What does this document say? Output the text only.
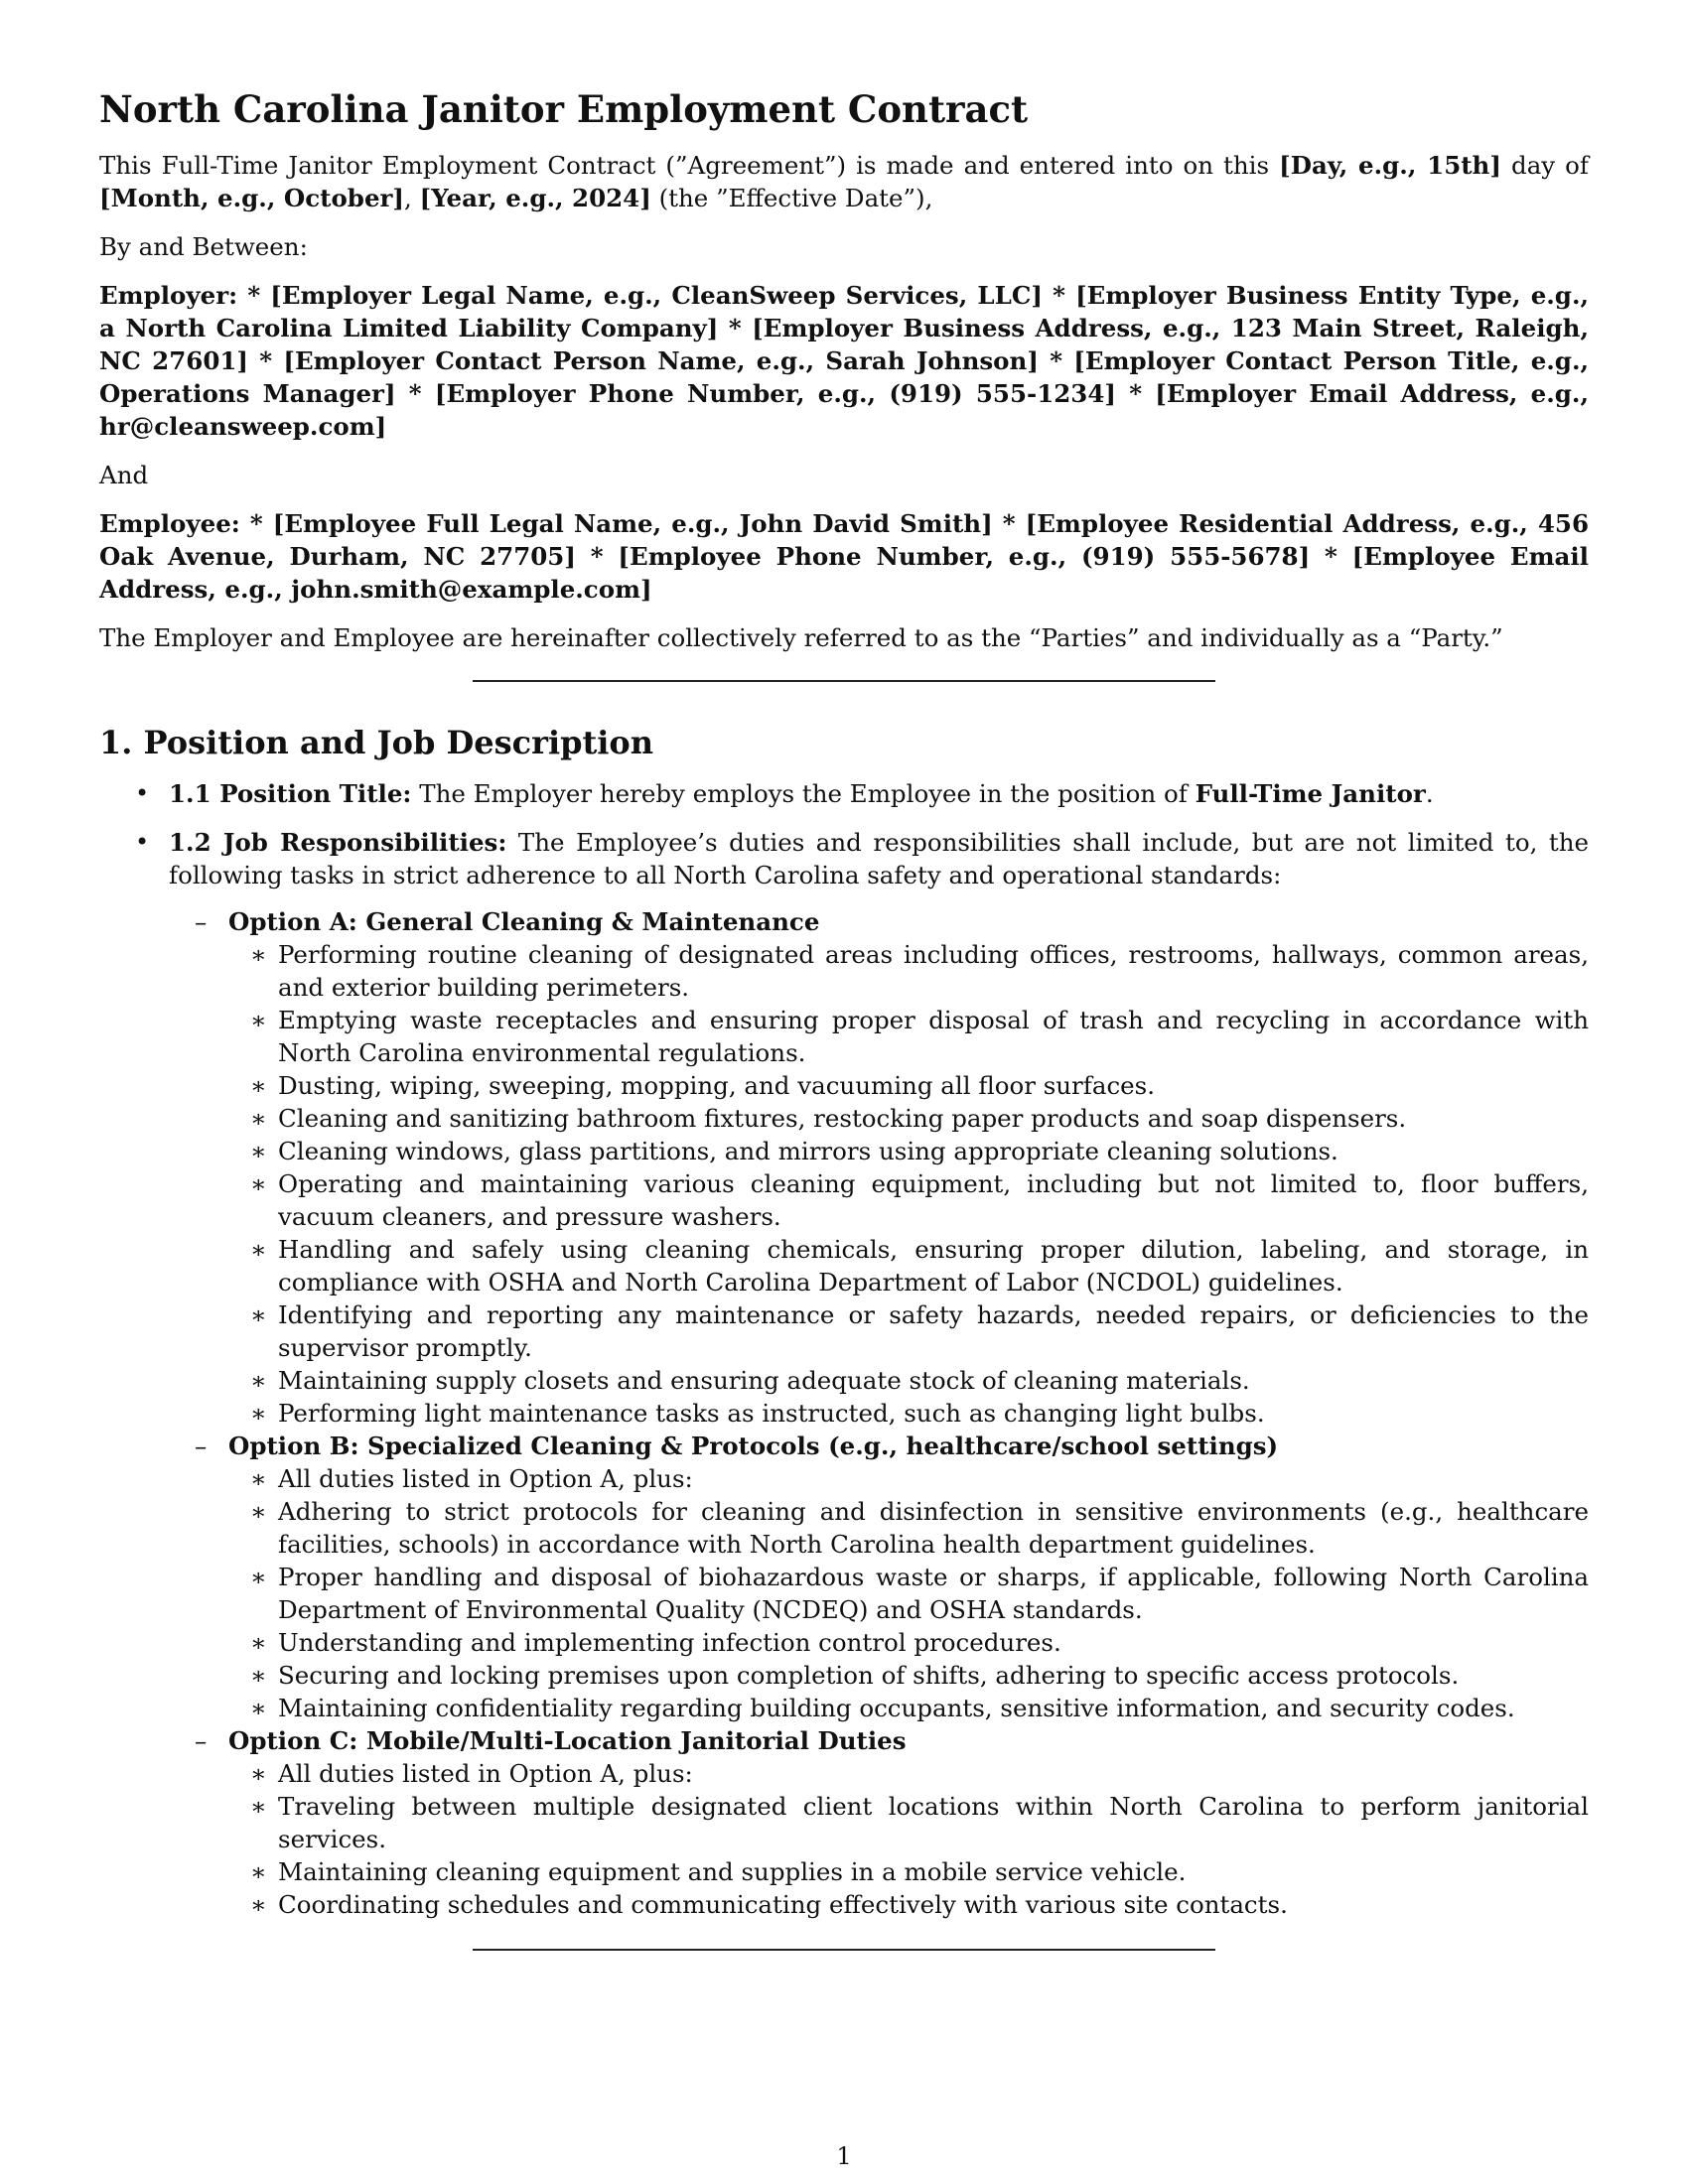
North Carolina Janitor Employment Contract

This Full-Time Janitor Employment Contract (”Agreement”) is made and entered into on this [Day, e.g., 15th] day of [Month, e.g., October], [Year, e.g., 2024] (the ”Effective Date”),

By and Between:

Employer: * [Employer Legal Name, e.g., CleanSweep Services, LLC] * [Employer Business Entity Type, e.g., a North Carolina Limited Liability Company] * [Employer Business Address, e.g., 123 Main Street, Raleigh, NC 27601] * [Employer Contact Person Name, e.g., Sarah Johnson] * [Employer Contact Person Title, e.g., Operations Manager] * [Employer Phone Number, e.g., (919) 555-1234] * [Employer Email Address, e.g., hr@cleansweep.com]

And

Employee: * [Employee Full Legal Name, e.g., John David Smith] * [Employee Residential Address, e.g., 456 Oak Avenue, Durham, NC 27705] * [Employee Phone Number, e.g., (919) 555-5678] * [Employee Email Address, e.g., john.smith@example.com]

The Employer and Employee are hereinafter collectively referred to as the “Parties” and individually as a “Party.”

1. Position and Job Description
• 1.1 Position Title: The Employer hereby employs the Employee in the position of Full-Time Janitor.
• 1.2 Job Responsibilities: The Employee’s duties and responsibilities shall include, but are not limited to, the following tasks in strict adherence to all North Carolina safety and operational standards:
– Option A: General Cleaning & Maintenance
∗ Performing routine cleaning of designated areas including offices, restrooms, hallways, common areas, and exterior building perimeters.
∗ Emptying waste receptacles and ensuring proper disposal of trash and recycling in accordance with North Carolina environmental regulations.
∗ Dusting, wiping, sweeping, mopping, and vacuuming all floor surfaces.
∗ Cleaning and sanitizing bathroom fixtures, restocking paper products and soap dispensers.
∗ Cleaning windows, glass partitions, and mirrors using appropriate cleaning solutions.
∗ Operating and maintaining various cleaning equipment, including but not limited to, floor buffers, vacuum cleaners, and pressure washers.
∗ Handling and safely using cleaning chemicals, ensuring proper dilution, labeling, and storage, in compliance with OSHA and North Carolina Department of Labor (NCDOL) guidelines.
∗ Identifying and reporting any maintenance or safety hazards, needed repairs, or deficiencies to the supervisor promptly.
∗ Maintaining supply closets and ensuring adequate stock of cleaning materials.
∗ Performing light maintenance tasks as instructed, such as changing light bulbs.
– Option B: Specialized Cleaning & Protocols (e.g., healthcare/school settings)
∗ All duties listed in Option A, plus:
∗ Adhering to strict protocols for cleaning and disinfection in sensitive environments (e.g., healthcare facilities, schools) in accordance with North Carolina health department guidelines.
∗ Proper handling and disposal of biohazardous waste or sharps, if applicable, following North Carolina Department of Environmental Quality (NCDEQ) and OSHA standards.
∗ Understanding and implementing infection control procedures.
∗ Securing and locking premises upon completion of shifts, adhering to specific access protocols.
∗ Maintaining confidentiality regarding building occupants, sensitive information, and security codes.
– Option C: Mobile/Multi-Location Janitorial Duties
∗ All duties listed in Option A, plus:
∗ Traveling between multiple designated client locations within North Carolina to perform janitorial services.
∗ Maintaining cleaning equipment and supplies in a mobile service vehicle.
∗ Coordinating schedules and communicating effectively with various site contacts.
1
